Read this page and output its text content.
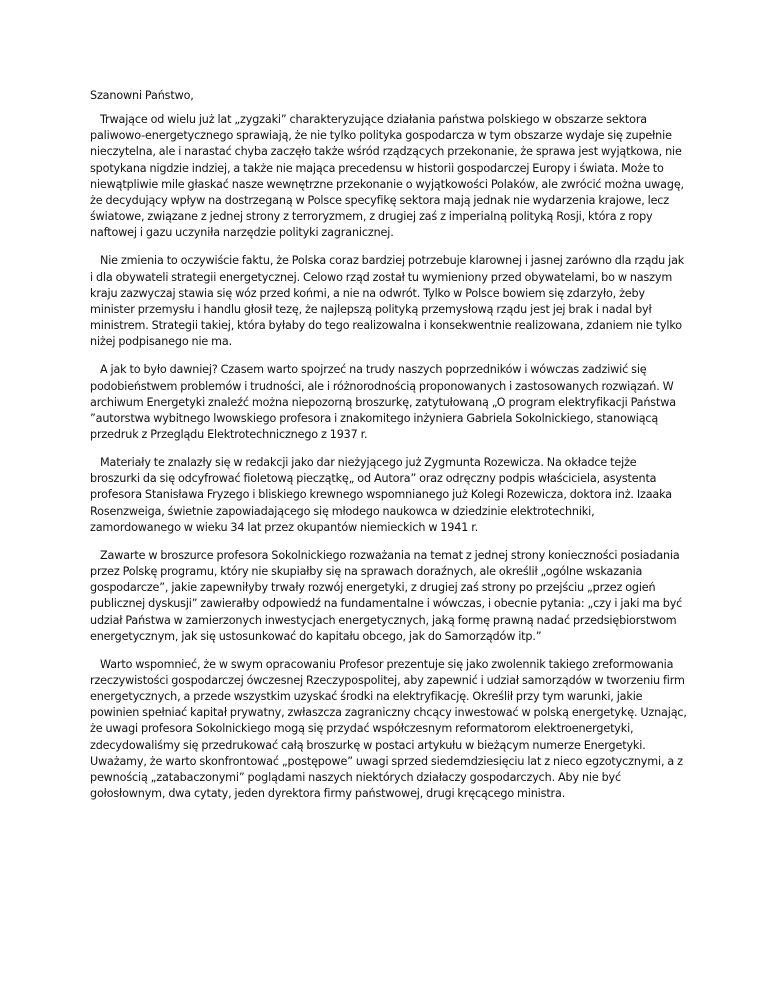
Szanowni Państwo,

Trwające od wielu już lat „zygzaki” charakteryzujące działania państwa polskiego w obszarze sektora paliwowo-energetycznego sprawiają, że nie tylko polityka gospodarcza w tym obszarze wydaje się zupełnie nieczytelna, ale i narastać chyba zaczęło także wśród rządzących przekonanie, że sprawa jest wyjątkowa, nie spotykana nigdzie indziej, a także nie mająca precedensu w historii gospodarczej Europy i świata. Może to niewątpliwie mile głaskać nasze wewnętrzne przekonanie o wyjątkowości Polaków, ale zwrócić można uwagę, że decydujący wpływ na dostrzeganą w Polsce specyfikę sektora mają jednak nie wydarzenia krajowe, lecz światowe, związane z jednej strony z terroryzmem, z drugiej zaś z imperialną polityką Rosji, która z ropy naftowej i gazu uczyniła narzędzie polityki zagranicznej.

Nie zmienia to oczywiście faktu, że Polska coraz bardziej potrzebuje klarownej i jasnej zarówno dla rządu jak i dla obywateli strategii energetycznej. Celowo rząd został tu wymieniony przed obywatelami, bo w naszym kraju zazwyczaj stawia się wóz przed końmi, a nie na odwrót. Tylko w Polsce bowiem się zdarzyło, żeby minister przemysłu i handlu głosił tezę, że najlepszą polityką przemysłową rządu jest jej brak i nadal był ministrem. Strategii takiej, która byłaby do tego realizowalna i konsekwentnie realizowana, zdaniem nie tylko niżej podpisanego nie ma.

A jak to było dawniej? Czasem warto spojrzeć na trudy naszych poprzedników i wówczas zadziwić się podobieństwem problemów i trudności, ale i różnorodnością proponowanych i zastosowanych rozwiązań. W archiwum Energetyki znaleźć można niepozorną broszurkę, zatytułowaną „O program elektryfikacji Państwa ”autorstwa wybitnego lwowskiego profesora i znakomitego inżyniera Gabriela Sokolnickiego, stanowiącą przedruk z Przeglądu Elektrotechnicznego z 1937 r.

Materiały te znalazły się w redakcji jako dar nieżyjącego już Zygmunta Rozewicza. Na okładce tejże broszurki da się odcyfrować fioletową pieczątkę„ od Autora” oraz odręczny podpis właściciela, asystenta profesora Stanisława Fryzego i bliskiego krewnego wspomnianego już Kolegi Rozewicza, doktora inż. Izaaka Rosenzweiga, świetnie zapowiadającego się młodego naukowca w dziedzinie elektrotechniki, zamordowanego w wieku 34 lat przez okupantów niemieckich w 1941 r.

Zawarte w broszurce profesora Sokolnickiego rozważania na temat z jednej strony konieczności posiadania przez Polskę programu, który nie skupiałby się na sprawach doraźnych, ale określił „ogólne wskazania gospodarcze”, jakie zapewniłyby trwały rozwój energetyki, z drugiej zaś strony po przejściu „przez ogień publicznej dyskusji” zawierałby odpowiedź na fundamentalne i wówczas, i obecnie pytania: „czy i jaki ma być udział Państwa w zamierzonych inwestycjach energetycznych, jaką formę prawną nadać przedsiębiorstwom energetycznym, jak się ustosunkować do kapitału obcego, jak do Samorządów itp.”

Warto wspomnieć, że w swym opracowaniu Profesor prezentuje się jako zwolennik takiego zreformowania rzeczywistości gospodarczej ówczesnej Rzeczypospolitej, aby zapewnić i udział samorządów w tworzeniu firm energetycznych, a przede wszystkim uzyskać środki na elektryfikację. Określił przy tym warunki, jakie powinien spełniać kapitał prywatny, zwłaszcza zagraniczny chcący inwestować w polską energetykę. Uznając, że uwagi profesora Sokolnickiego mogą się przydać współczesnym reformatorom elektroenergetyki, zdecydowaliśmy się przedrukować całą broszurkę w postaci artykułu w bieżącym numerze Energetyki. Uważamy, że warto skonfrontować „postępowe” uwagi sprzed siedemdziesięciu lat z nieco egzotycznymi, a z pewnością „zatabaczonymi” poglądami naszych niektórych działaczy gospodarczych. Aby nie być gołosłownym, dwa cytaty, jeden dyrektora firmy państwowej, drugi kręcącego ministra.
